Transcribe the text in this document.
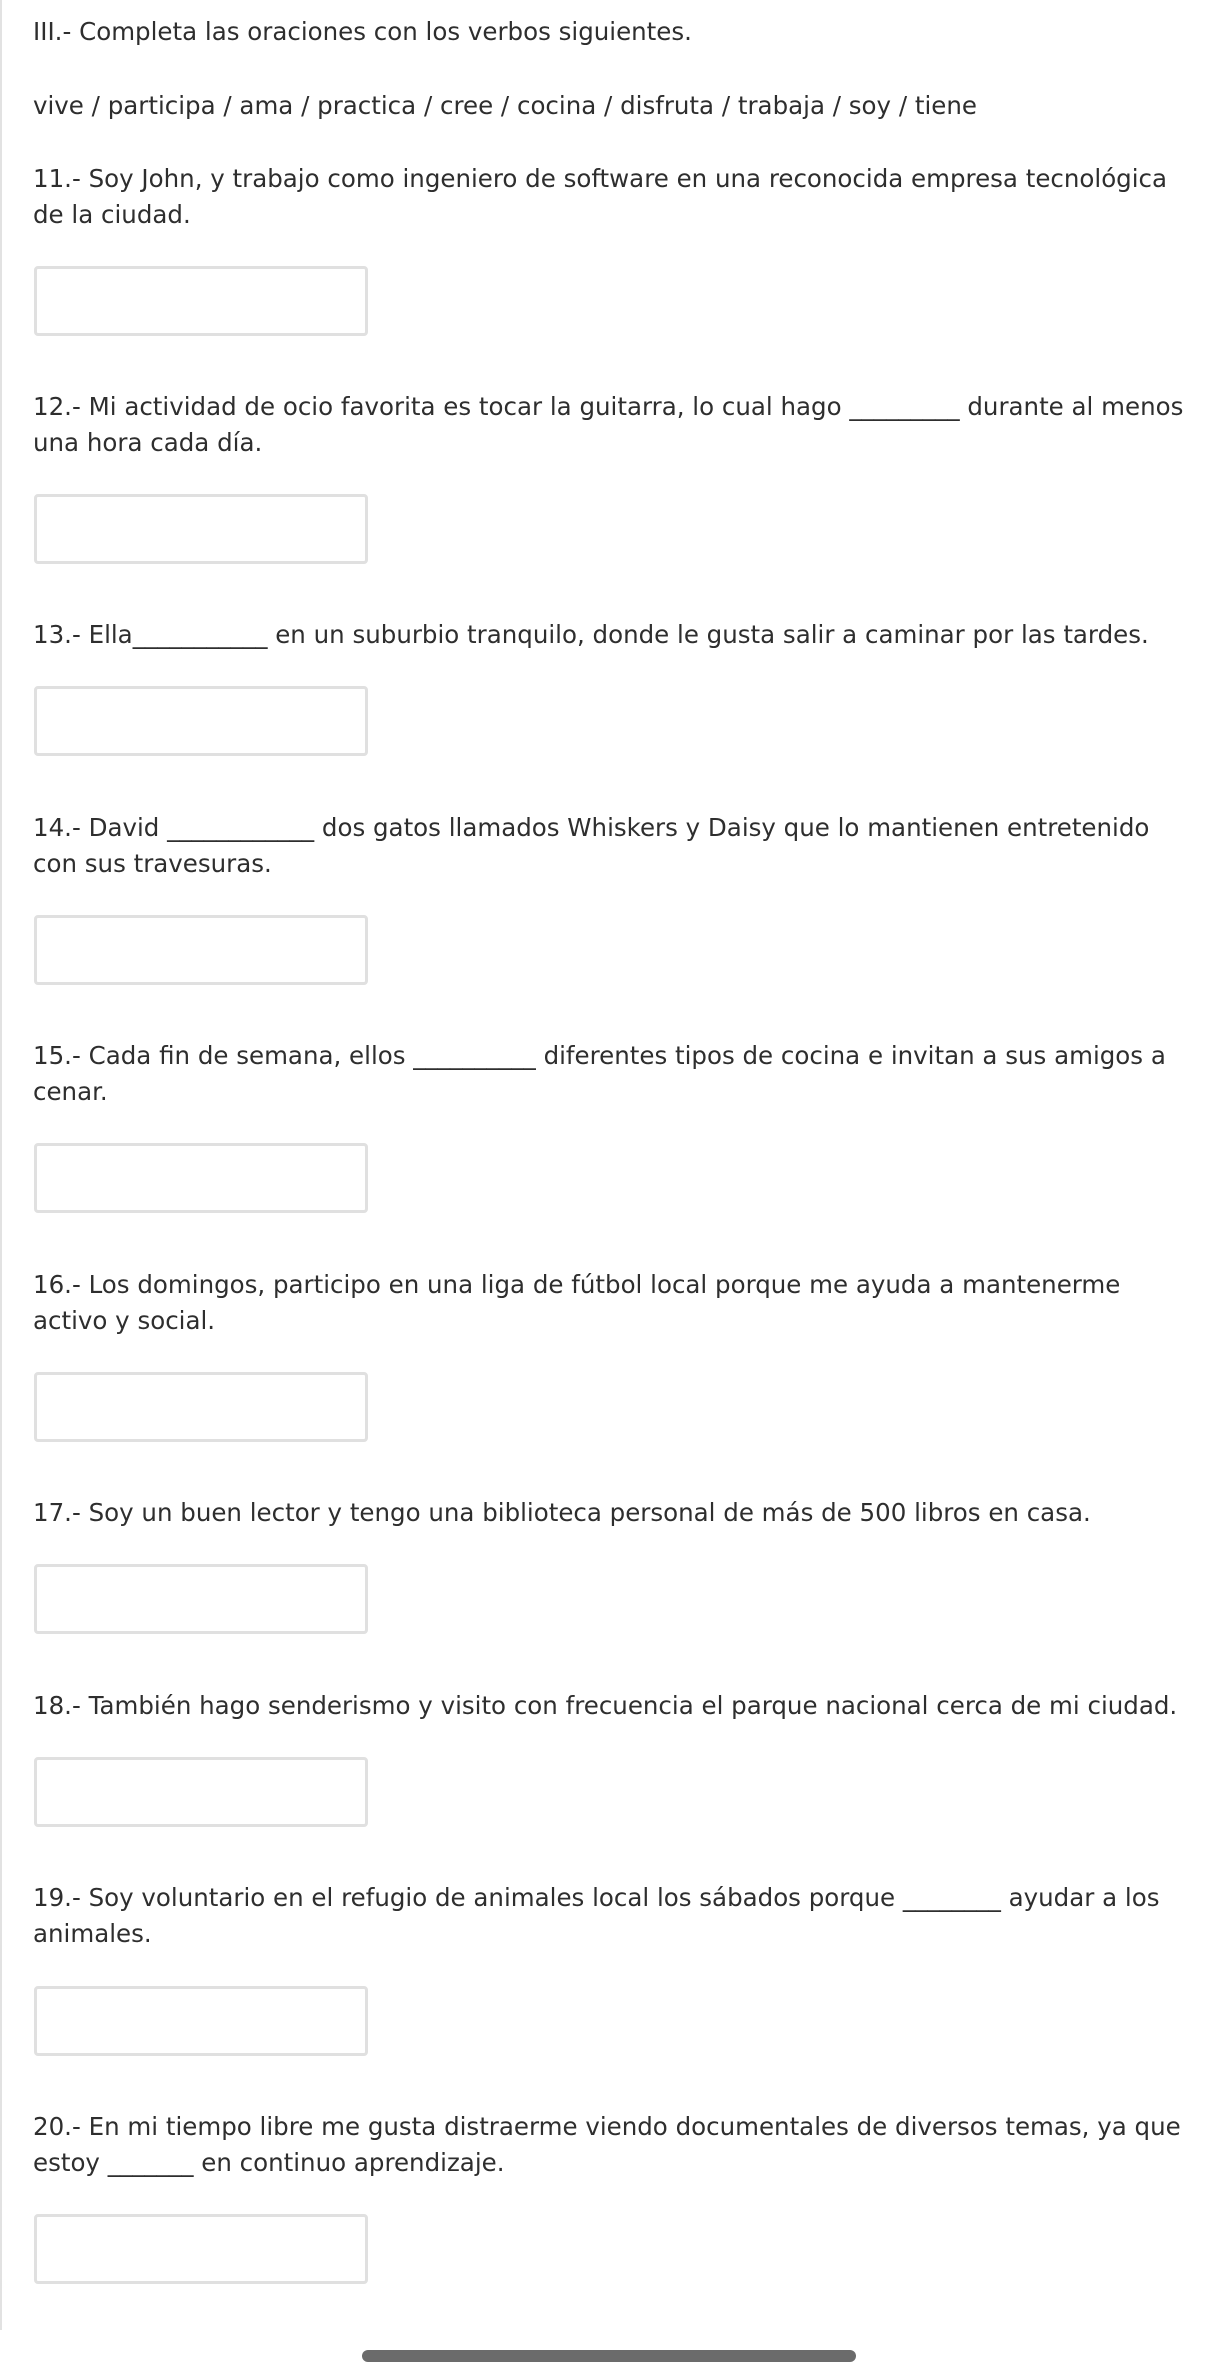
III.- Completa las oraciones con los verbos siguientes.

vive / participa / ama / practica / cree / cocina / disfruta / trabaja / soy / tiene

11.- Soy John, y trabajo como ingeniero de software en una reconocida empresa tecnológica de la ciudad.

12.- Mi actividad de ocio favorita es tocar la guitarra, lo cual hago _________ durante al menos una hora cada día.

13.- Ella___________ en un suburbio tranquilo, donde le gusta salir a caminar por las tardes.

14.- David ____________ dos gatos llamados Whiskers y Daisy que lo mantienen entretenido con sus travesuras.

15.- Cada fin de semana, ellos __________ diferentes tipos de cocina e invitan a sus amigos a cenar.

16.- Los domingos, participo en una liga de fútbol local porque me ayuda a mantenerme activo y social.

17.- Soy un buen lector y tengo una biblioteca personal de más de 500 libros en casa.

18.- También hago senderismo y visito con frecuencia el parque nacional cerca de mi ciudad.

19.- Soy voluntario en el refugio de animales local los sábados porque ________ ayudar a los animales.

20.- En mi tiempo libre me gusta distraerme viendo documentales de diversos temas, ya que estoy _______ en continuo aprendizaje.
